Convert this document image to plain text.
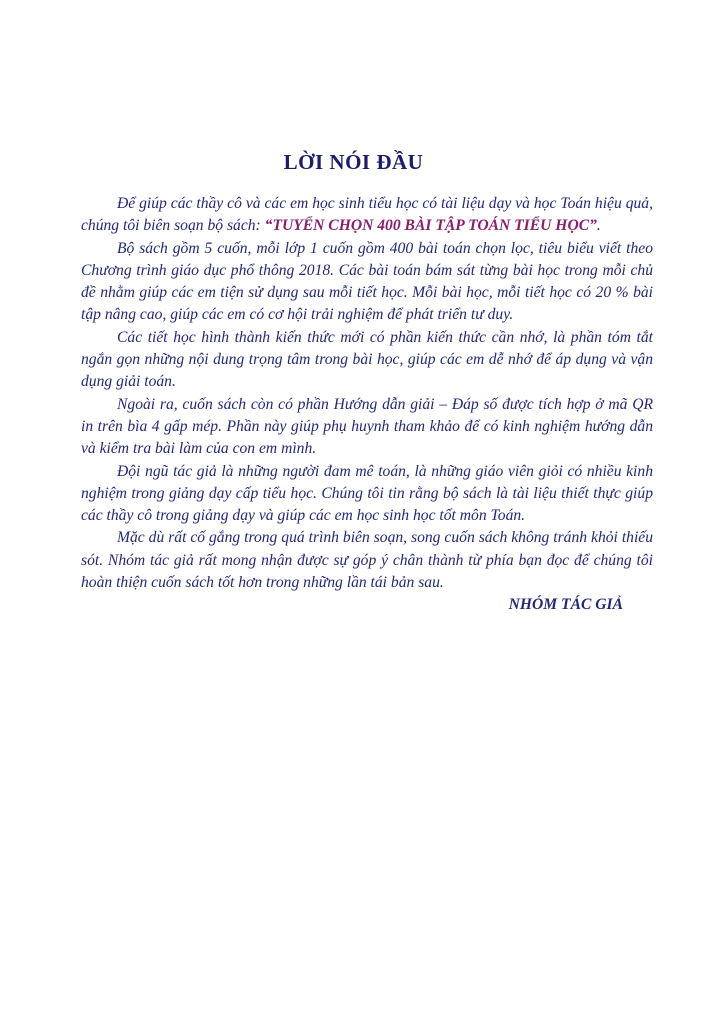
LỜI NÓI ĐẦU

Để giúp các thầy cô và các em học sinh tiểu học có tài liệu dạy và học Toán hiệu quả, chúng tôi biên soạn bộ sách: “TUYỂN CHỌN 400 BÀI TẬP TOÁN TIỂU HỌC”.

Bộ sách gồm 5 cuốn, mỗi lớp 1 cuốn gồm 400 bài toán chọn lọc, tiêu biểu viết theo Chương trình giáo dục phổ thông 2018. Các bài toán bám sát từng bài học trong mỗi chủ đề nhằm giúp các em tiện sử dụng sau mỗi tiết học. Mỗi bài học, mỗi tiết học có 20 % bài tập nâng cao, giúp các em có cơ hội trải nghiệm để phát triển tư duy.

Các tiết học hình thành kiến thức mới có phần kiến thức cần nhớ, là phần tóm tắt ngắn gọn những nội dung trọng tâm trong bài học, giúp các em dễ nhớ để áp dụng và vận dụng giải toán.

Ngoài ra, cuốn sách còn có phần Hướng dẫn giải – Đáp số được tích hợp ở mã QR in trên bìa 4 gấp mép. Phần này giúp phụ huynh tham khảo để có kinh nghiệm hướng dẫn và kiểm tra bài làm của con em mình.

Đội ngũ tác giả là những người đam mê toán, là những giáo viên giỏi có nhiều kinh nghiệm trong giảng dạy cấp tiểu học. Chúng tôi tin rằng bộ sách là tài liệu thiết thực giúp các thầy cô trong giảng dạy và giúp các em học sinh học tốt môn Toán.

Mặc dù rất cố gắng trong quá trình biên soạn, song cuốn sách không tránh khỏi thiếu sót. Nhóm tác giả rất mong nhận được sự góp ý chân thành từ phía bạn đọc để chúng tôi hoàn thiện cuốn sách tốt hơn trong những lần tái bản sau.

NHÓM TÁC GIẢ
